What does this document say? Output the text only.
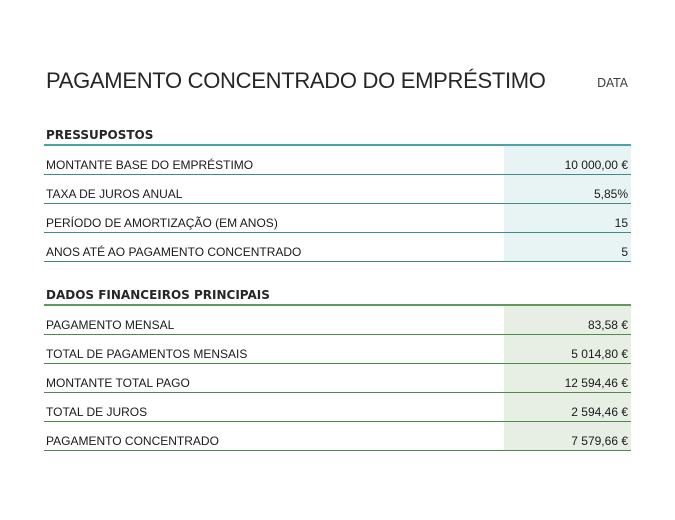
PAGAMENTO CONCENTRADO DO EMPRÉSTIMO	DATA
PRESSUPOSTOS
MONTANTE BASE DO EMPRÉSTIMO	10 000,00 €
TAXA DE JUROS ANUAL	5,85%
PERÍODO DE AMORTIZAÇÃO (EM ANOS)	15
ANOS ATÉ AO PAGAMENTO CONCENTRADO	5
DADOS FINANCEIROS PRINCIPAIS
PAGAMENTO MENSAL	83,58 €
TOTAL DE PAGAMENTOS MENSAIS	5 014,80 €
MONTANTE TOTAL PAGO	12 594,46 €
TOTAL DE JUROS	2 594,46 €
PAGAMENTO CONCENTRADO	7 579,66 €
